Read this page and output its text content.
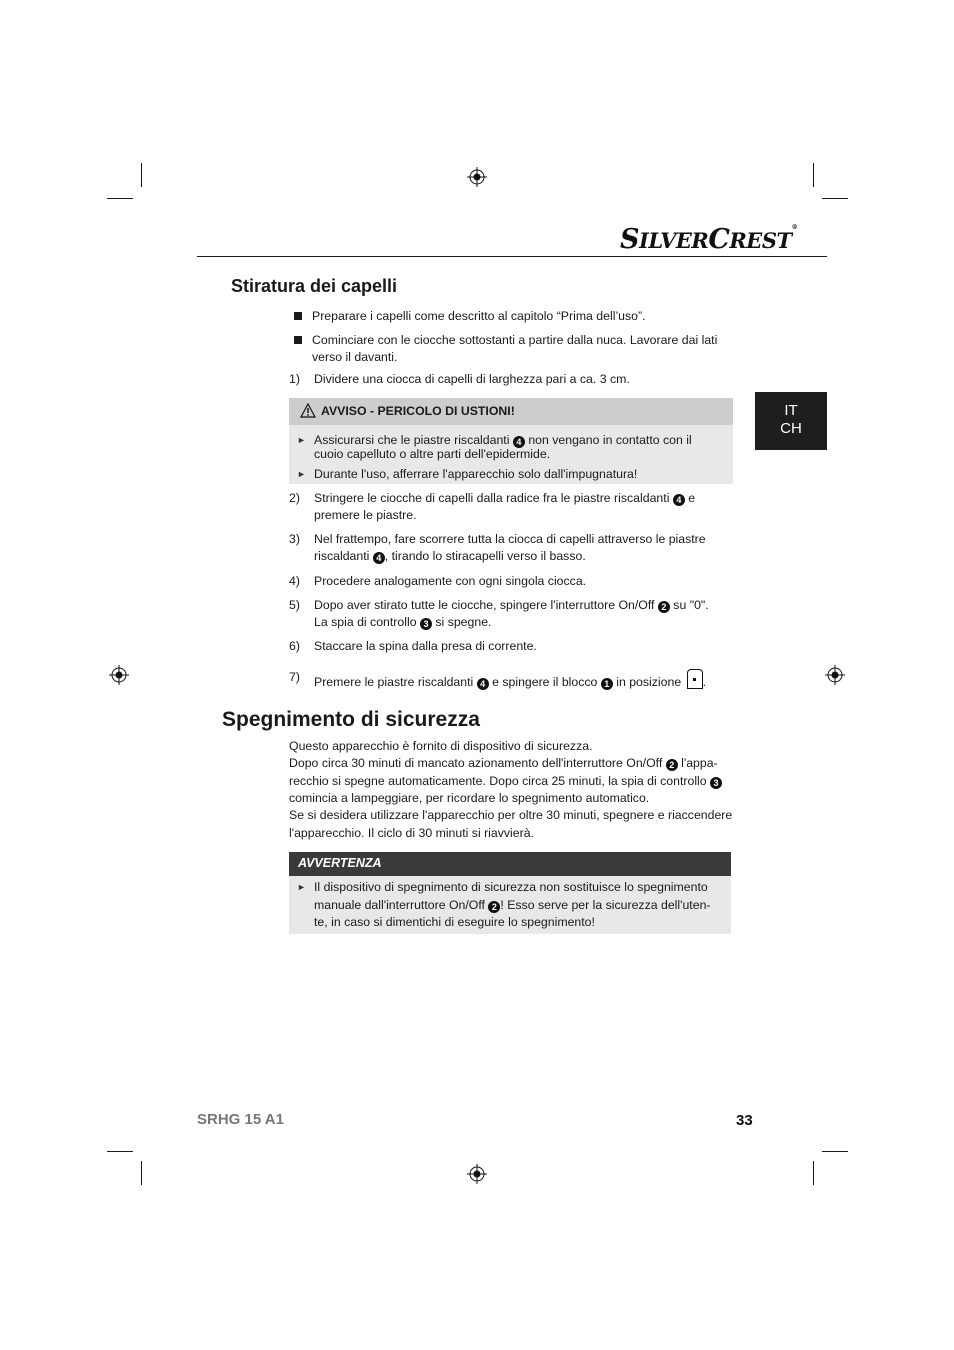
SILVERCREST®
IT
CH
Stiratura dei capelli
Preparare i capelli come descritto al capitolo “Prima dell’uso”.
Cominciare con le ciocche sottostanti a partire dalla nuca. Lavorare dai lati
verso il davanti.
1) Dividere una ciocca di capelli di larghezza pari a ca. 3 cm.
AVVISO - PERICOLO DI USTIONI!
► Assicurarsi che le piastre riscaldanti 4 non vengano in contatto con il
cuoio capelluto o altre parti dell'epidermide.
► Durante l'uso, afferrare l'apparecchio solo dall'impugnatura!
2) Stringere le ciocche di capelli dalla radice fra le piastre riscaldanti 4 e
premere le piastre.
3) Nel frattempo, fare scorrere tutta la ciocca di capelli attraverso le piastre
riscaldanti 4 , tirando lo stiracapelli verso il basso.
4) Procedere analogamente con ogni singola ciocca.
5) Dopo aver stirato tutte le ciocche, spingere l'interruttore On/Off 2 su "0".
La spia di controllo 3 si spegne.
6) Staccare la spina dalla presa di corrente.
7) Premere le piastre riscaldanti 4 e spingere il blocco 1 in posizione .
Spegnimento di sicurezza
Questo apparecchio è fornito di dispositivo di sicurezza.
Dopo circa 30 minuti di mancato azionamento dell'interruttore On/Off 2 l'appa-
recchio si spegne automaticamente. Dopo circa 25 minuti, la spia di controllo 3
comincia a lampeggiare, per ricordare lo spegnimento automatico.
Se si desidera utilizzare l'apparecchio per oltre 30 minuti, spegnere e riaccendere
l'apparecchio. Il ciclo di 30 minuti si riavvierà.
AVVERTENZA
► Il dispositivo di spegnimento di sicurezza non sostituisce lo spegnimento
manuale dall'interruttore On/Off 2 ! Esso serve per la sicurezza dell'uten-
te, in caso si dimentichi di eseguire lo spegnimento!
SRHG 15 A1	33
